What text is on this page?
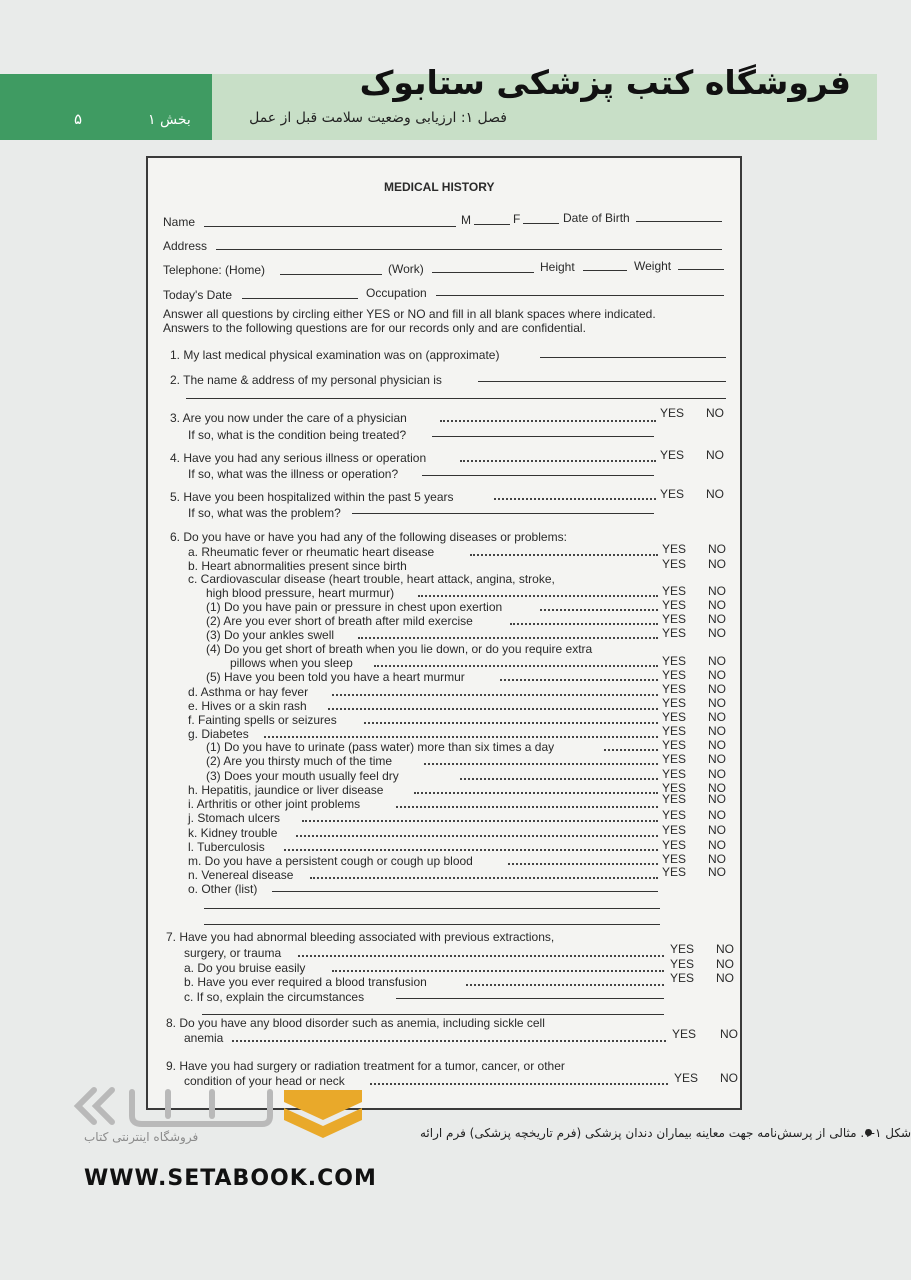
فروشگاه کتب پزشکی ستابوک
فصل ۱: ارزیابی وضعیت سلامت قبل از عمل
بخش ۱
۵
MEDICAL HISTORY
Name	M	F	Date of Birth
Address
Telephone: (Home)	(Work)	Height	Weight
Today's Date	Occupation
Answer all questions by circling either YES or NO and fill in all blank spaces where indicated.
Answers to the following questions are for our records only and are confidential.
1. My last medical physical examination was on (approximate)
2. The name & address of my personal physician is
3. Are you now under the care of a physician	YES NO
If so, what is the condition being treated?
4. Have you had any serious illness or operation	YES NO
If so, what was the illness or operation?
5. Have you been hospitalized within the past 5 years	YES NO
If so, what was the problem?
6. Do you have or have you had any of the following diseases or problems:
a. Rheumatic fever or rheumatic heart disease	YES NO
b. Heart abnormalities present since birth	YES NO
c. Cardiovascular disease (heart trouble, heart attack, angina, stroke,
high blood pressure, heart murmur)	YES NO
(1) Do you have pain or pressure in chest upon exertion	YES NO
(2) Are you ever short of breath after mild exercise	YES NO
(3) Do your ankles swell	YES NO
(4) Do you get short of breath when you lie down, or do you require extra
pillows when you sleep	YES NO
(5) Have you been told you have a heart murmur	YES NO
d. Asthma or hay fever	YES NO
e. Hives or a skin rash	YES NO
f. Fainting spells or seizures	YES NO
g. Diabetes	YES NO
(1) Do you have to urinate (pass water) more than six times a day	YES NO
(2) Are you thirsty much of the time	YES NO
(3) Does your mouth usually feel dry	YES NO
h. Hepatitis, jaundice or liver disease	YES NO
i. Arthritis or other joint problems	YES NO
j. Stomach ulcers	YES NO
k. Kidney trouble	YES NO
l. Tuberculosis	YES NO
m. Do you have a persistent cough or cough up blood	YES NO
n. Venereal disease	YES NO
o. Other (list)
7. Have you had abnormal bleeding associated with previous extractions,
surgery, or trauma	YES NO
a. Do you bruise easily	YES NO
b. Have you ever required a blood transfusion	YES NO
c. If so, explain the circumstances
8. Do you have any blood disorder such as anemia, including sickle cell
anemia	YES NO
9. Have you had surgery or radiation treatment for a tumor, cancer, or other
condition of your head or neck	YES NO
شکل ۱-۱. مثالی از پرسش‌نامه جهت معاینه بیماران دندان پزشکی (فرم تاریخچه پزشکی) فرم ارائه
فروشگاه اینترنتی کتاب
WWW.SETABOOK.COM
